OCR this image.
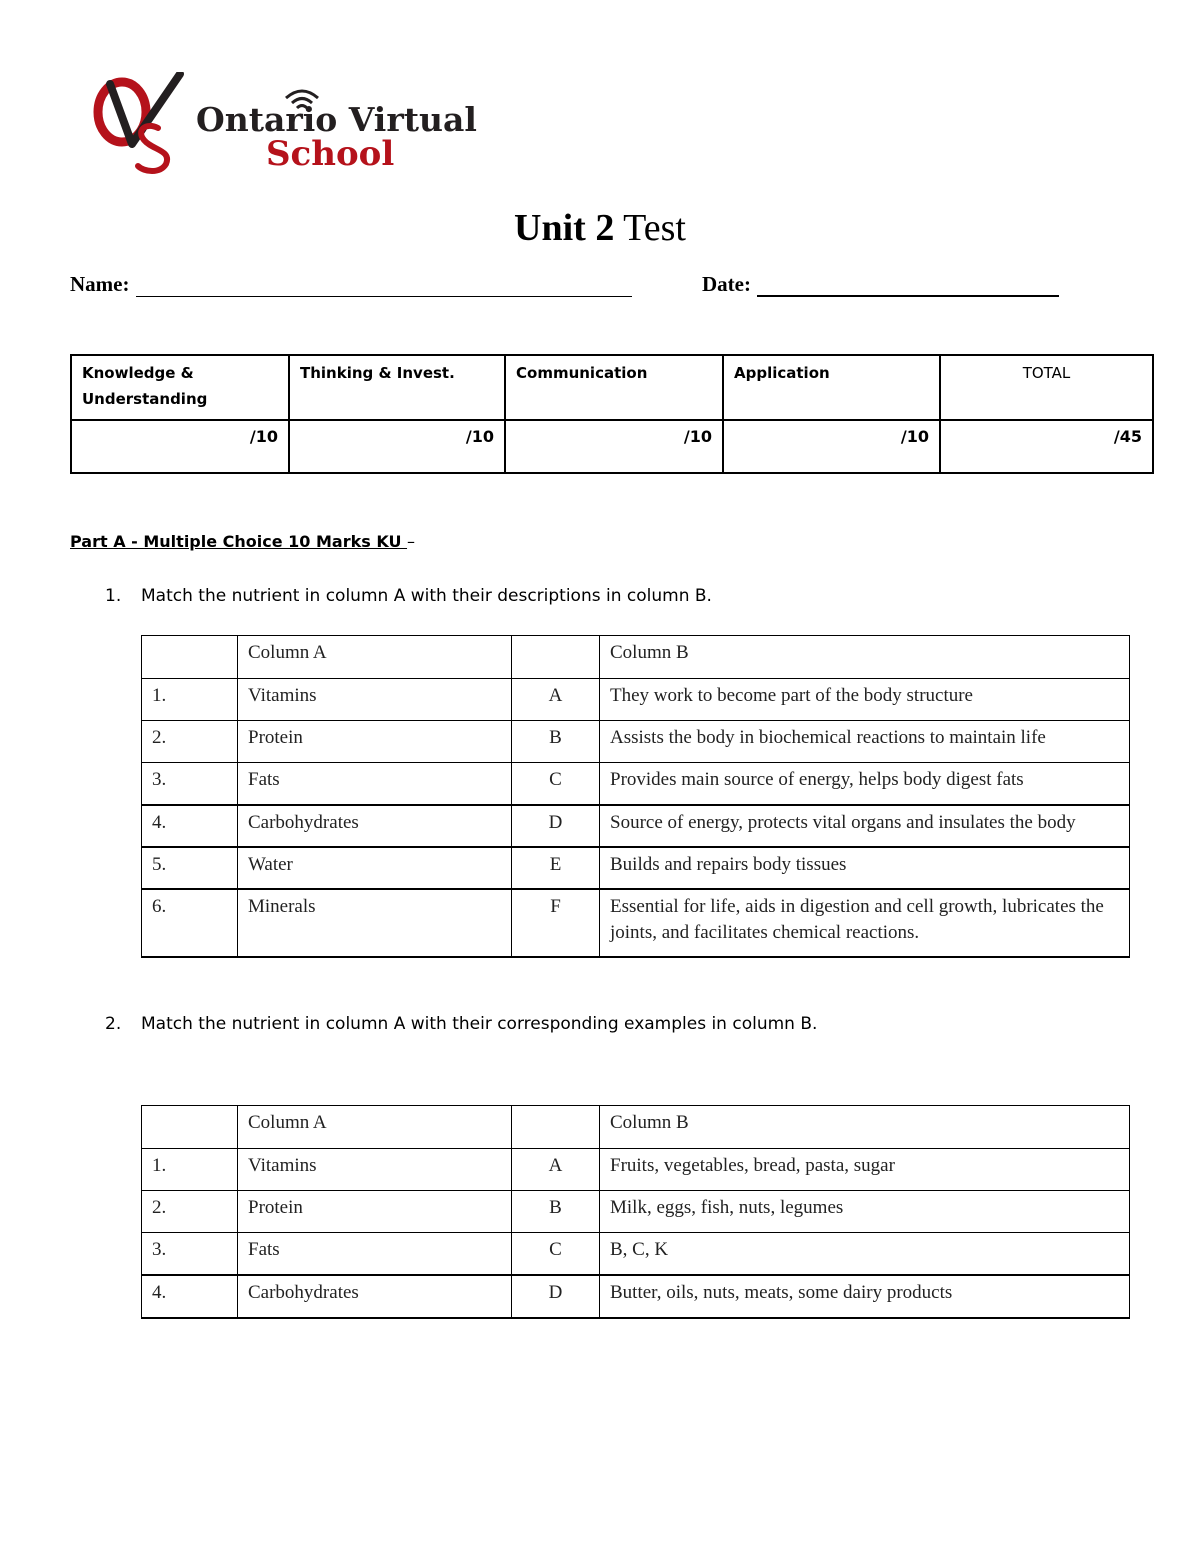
Ontario Virtual
School
Unit 2 Test
Name:	Date:
Knowledge & Understanding	Thinking & Invest.	Communication	Application	TOTAL
/10	/10	/10	/10	/45
Part A - Multiple Choice 10 Marks KU –
1. Match the nutrient in column A with their descriptions in column B.
	Column A		Column B
1.	Vitamins	A	They work to become part of the body structure
2.	Protein	B	Assists the body in biochemical reactions to maintain life
3.	Fats	C	Provides main source of energy, helps body digest fats
4.	Carbohydrates	D	Source of energy, protects vital organs and insulates the body
5.	Water	E	Builds and repairs body tissues
6.	Minerals	F	Essential for life, aids in digestion and cell growth, lubricates the joints, and facilitates chemical reactions.
2. Match the nutrient in column A with their corresponding examples in column B.
	Column A		Column B
1.	Vitamins	A	Fruits, vegetables, bread, pasta, sugar
2.	Protein	B	Milk, eggs, fish, nuts, legumes
3.	Fats	C	B, C, K
4.	Carbohydrates	D	Butter, oils, nuts, meats, some dairy products
